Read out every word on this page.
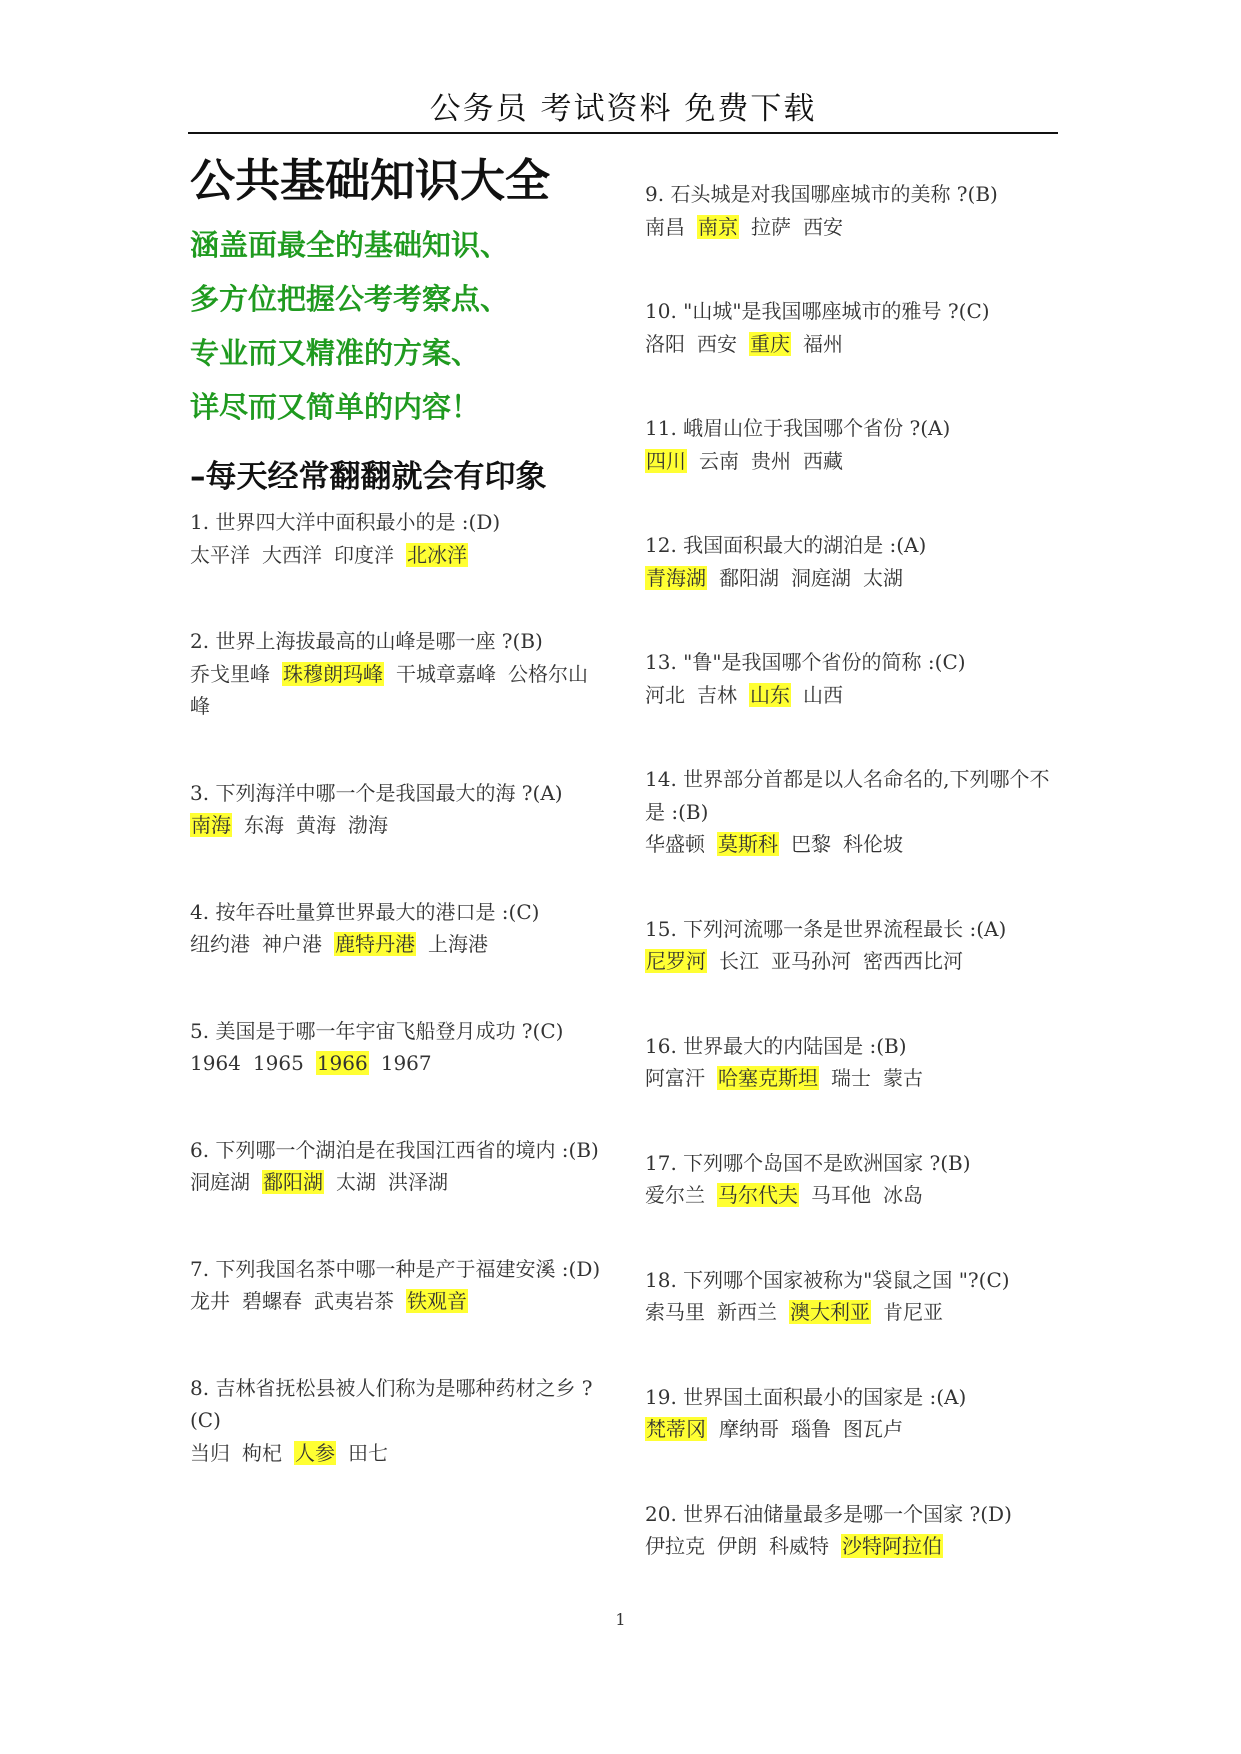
公务员 考试资料 免费下载
公共基础知识大全
涵盖面最全的基础知识、
多方位把握公考考察点、
专业而又精准的方案、
详尽而又简单的内容！
–每天经常翻翻就会有印象
1. 世界四大洋中面积最小的是 :(D)
太平洋 大西洋 印度洋 北冰洋
2. 世界上海拔最高的山峰是哪一座 ?(B)
乔戈里峰 珠穆朗玛峰 干城章嘉峰 公格尔山峰
3. 下列海洋中哪一个是我国最大的海 ?(A)
南海 东海 黄海 渤海
4. 按年吞吐量算世界最大的港口是 :(C)
纽约港 神户港 鹿特丹港 上海港
5. 美国是于哪一年宇宙飞船登月成功 ?(C)
1964 1965 1966 1967
6. 下列哪一个湖泊是在我国江西省的境内 :(B)
洞庭湖 鄱阳湖 太湖 洪泽湖
7. 下列我国名茶中哪一种是产于福建安溪 :(D)
龙井 碧螺春 武夷岩茶 铁观音
8. 吉林省抚松县被人们称为是哪种药材之乡 ?(C)
当归 枸杞 人参 田七
9. 石头城是对我国哪座城市的美称 ?(B)
南昌 南京 拉萨 西安
10. "山城"是我国哪座城市的雅号 ?(C)
洛阳 西安 重庆 福州
11. 峨眉山位于我国哪个省份 ?(A)
四川 云南 贵州 西藏
12. 我国面积最大的湖泊是 :(A)
青海湖 鄱阳湖 洞庭湖 太湖
13. "鲁"是我国哪个省份的简称 :(C)
河北 吉林 山东 山西
14. 世界部分首都是以人名命名的,下列哪个不是 :(B)
华盛顿 莫斯科 巴黎 科伦坡
15. 下列河流哪一条是世界流程最长 :(A)
尼罗河 长江 亚马孙河 密西西比河
16. 世界最大的内陆国是 :(B)
阿富汗 哈塞克斯坦 瑞士 蒙古
17. 下列哪个岛国不是欧洲国家 ?(B)
爱尔兰 马尔代夫 马耳他 冰岛
18. 下列哪个国家被称为"袋鼠之国 "?(C)
索马里 新西兰 澳大利亚 肯尼亚
19. 世界国土面积最小的国家是 :(A)
梵蒂冈 摩纳哥 瑙鲁 图瓦卢
20. 世界石油储量最多是哪一个国家 ?(D)
伊拉克 伊朗 科威特 沙特阿拉伯
1
